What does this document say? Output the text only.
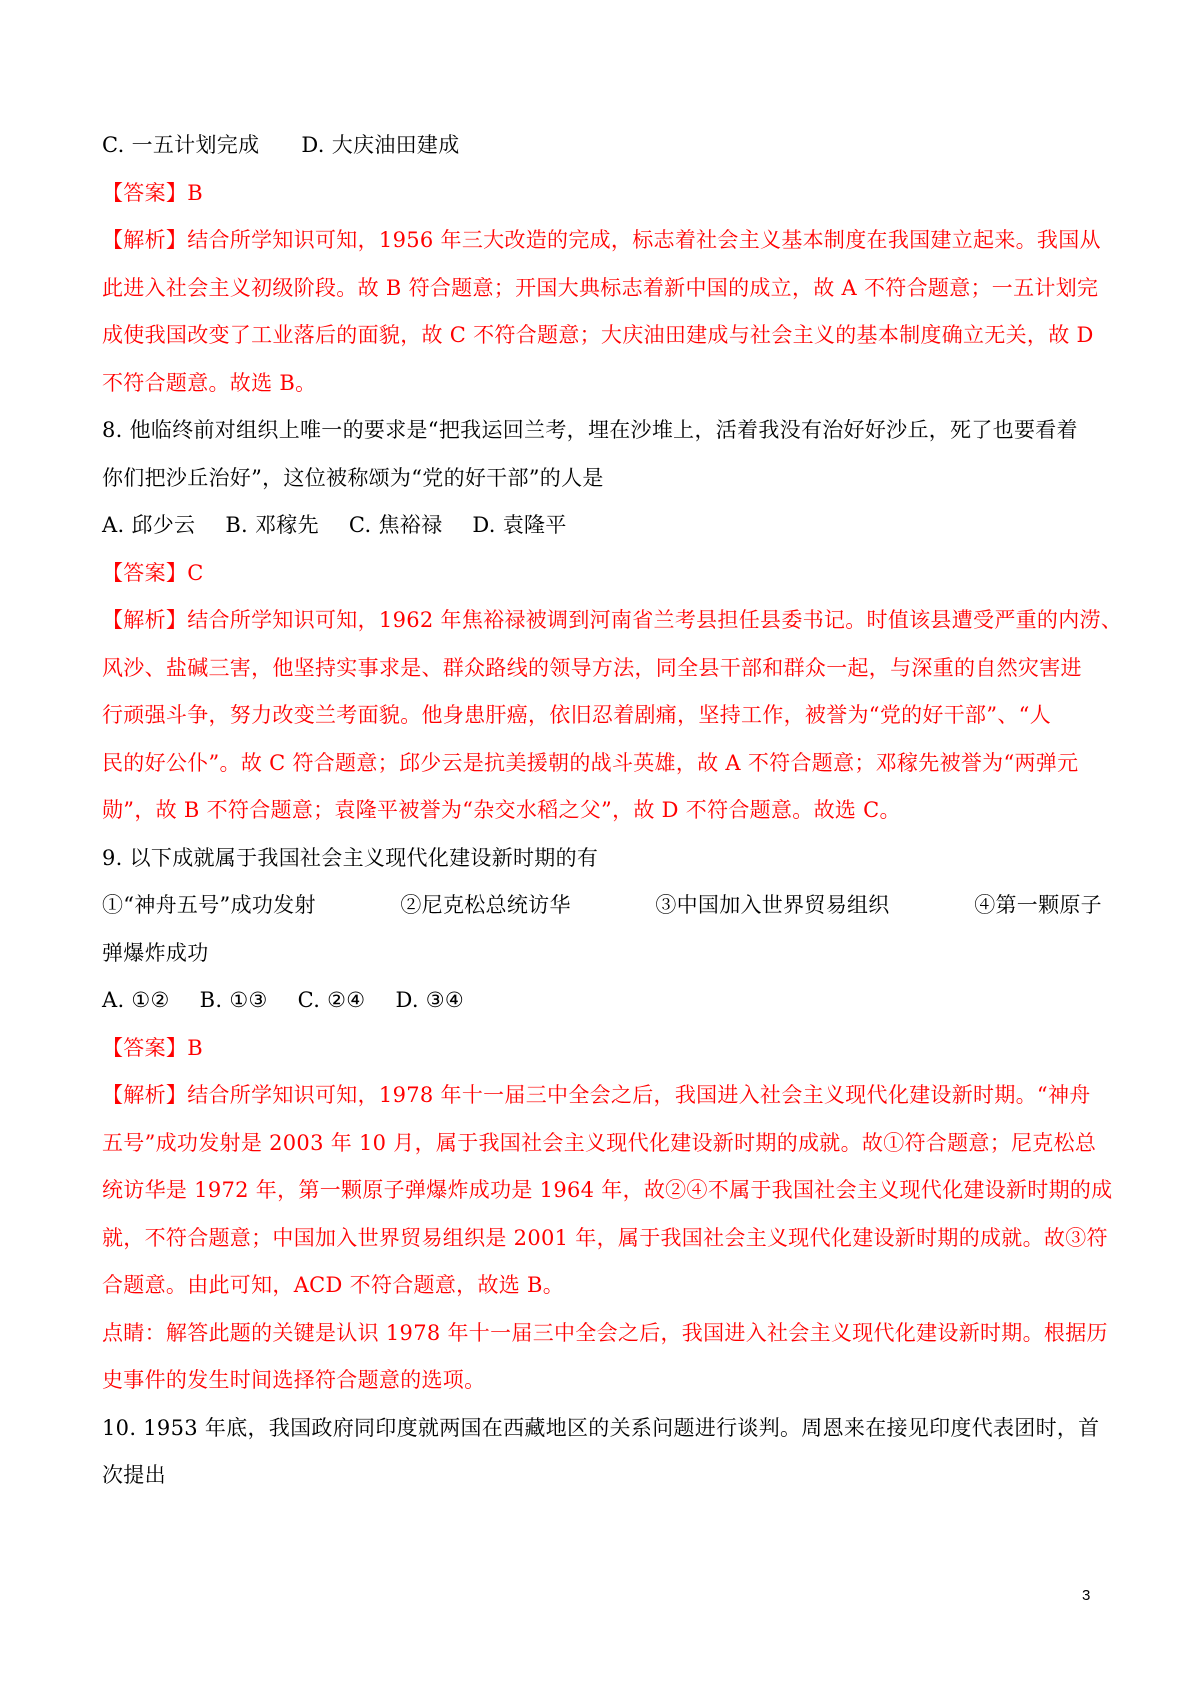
C. 一五计划完成 D. 大庆油田建成
【答案】B
【解析】结合所学知识可知，1956 年三大改造的完成，标志着社会主义基本制度在我国建立起来。我国从
此进入社会主义初级阶段。故 B 符合题意；开国大典标志着新中国的成立，故 A 不符合题意；一五计划完
成使我国改变了工业落后的面貌，故 C 不符合题意；大庆油田建成与社会主义的基本制度确立无关，故 D
不符合题意。故选 B。
8. 他临终前对组织上唯一的要求是“把我运回兰考，埋在沙堆上，活着我没有治好好沙丘，死了也要看着
你们把沙丘治好”，这位被称颂为“党的好干部”的人是
A. 邱少云 B. 邓稼先 C. 焦裕禄 D. 袁隆平
【答案】C
【解析】结合所学知识可知，1962 年焦裕禄被调到河南省兰考县担任县委书记。时值该县遭受严重的内涝、
风沙、盐碱三害，他坚持实事求是、群众路线的领导方法，同全县干部和群众一起，与深重的自然灾害进
行顽强斗争，努力改变兰考面貌。他身患肝癌，依旧忍着剧痛，坚持工作，被誉为“党的好干部”、“人
民的好公仆”。故 C 符合题意；邱少云是抗美援朝的战斗英雄，故 A 不符合题意；邓稼先被誉为“两弹元
勋”，故 B 不符合题意；袁隆平被誉为“杂交水稻之父”，故 D 不符合题意。故选 C。
9. 以下成就属于我国社会主义现代化建设新时期的有
①“神舟五号”成功发射	②尼克松总统访华	③中国加入世界贸易组织	④第一颗原子
弹爆炸成功
A. ①② B. ①③ C. ②④ D. ③④
【答案】B
【解析】结合所学知识可知，1978 年十一届三中全会之后，我国进入社会主义现代化建设新时期。“神舟
五号”成功发射是 2003 年 10 月，属于我国社会主义现代化建设新时期的成就。故①符合题意；尼克松总
统访华是 1972 年，第一颗原子弹爆炸成功是 1964 年，故②④不属于我国社会主义现代化建设新时期的成
就，不符合题意；中国加入世界贸易组织是 2001 年，属于我国社会主义现代化建设新时期的成就。故③符
合题意。由此可知，ACD 不符合题意，故选 B。
点睛：解答此题的关键是认识 1978 年十一届三中全会之后，我国进入社会主义现代化建设新时期。根据历
史事件的发生时间选择符合题意的选项。
10. 1953 年底，我国政府同印度就两国在西藏地区的关系问题进行谈判。周恩来在接见印度代表团时，首
次提出
3
